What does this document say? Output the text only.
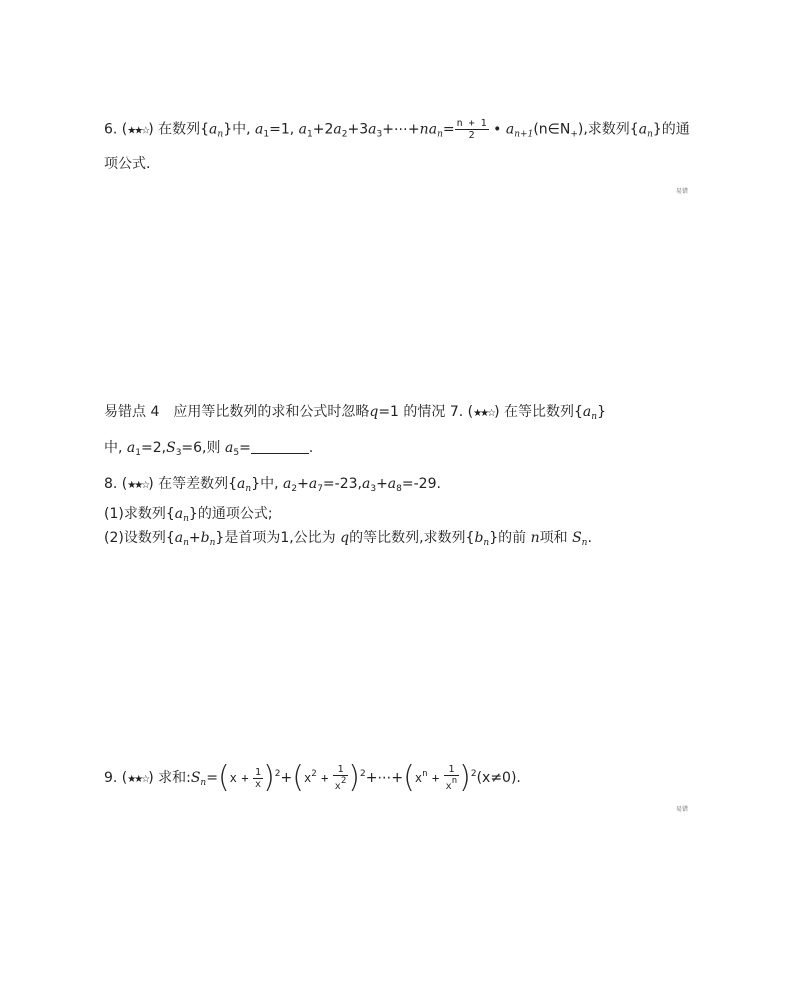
6. (★★☆) 在数列$\{a_n\}$中, $a_1=1$, $a_1+2a_2+3a_3+\cdots+na_n= \frac{n + 1}{2}$ • $a_{n+1}(n\in N_+)$,求数列$\{a_n\}$的通
项公式.
易错
易错点 4　应用等比数列的求和公式时忽略q=1 的情况 7. (★★☆) 在等比数列$\{a_n\}$
中, $a_1=2,S_3=6$,则 $a_5=$	.
8. (★★☆) 在等差数列$\{a_n\}$中, $a_2+a_7=-23,a_3+a_8=-29$.
(1)求数列$\{a_n\}$的通项公式;
(2)设数列$\{a_n+b_n\}$是首项为1,公比为 q的等比数列,求数列$\{b_n\}$的前 n项和 $S_n$.
9. (★★☆) 求和$:S_n=(x + \frac{1}{x} )^2+(x^2 + \frac{1}{x^2}$ )$^2+\cdots+(x^n + \frac{1}{x^n} )^2(x\ne 0)$.
易错
